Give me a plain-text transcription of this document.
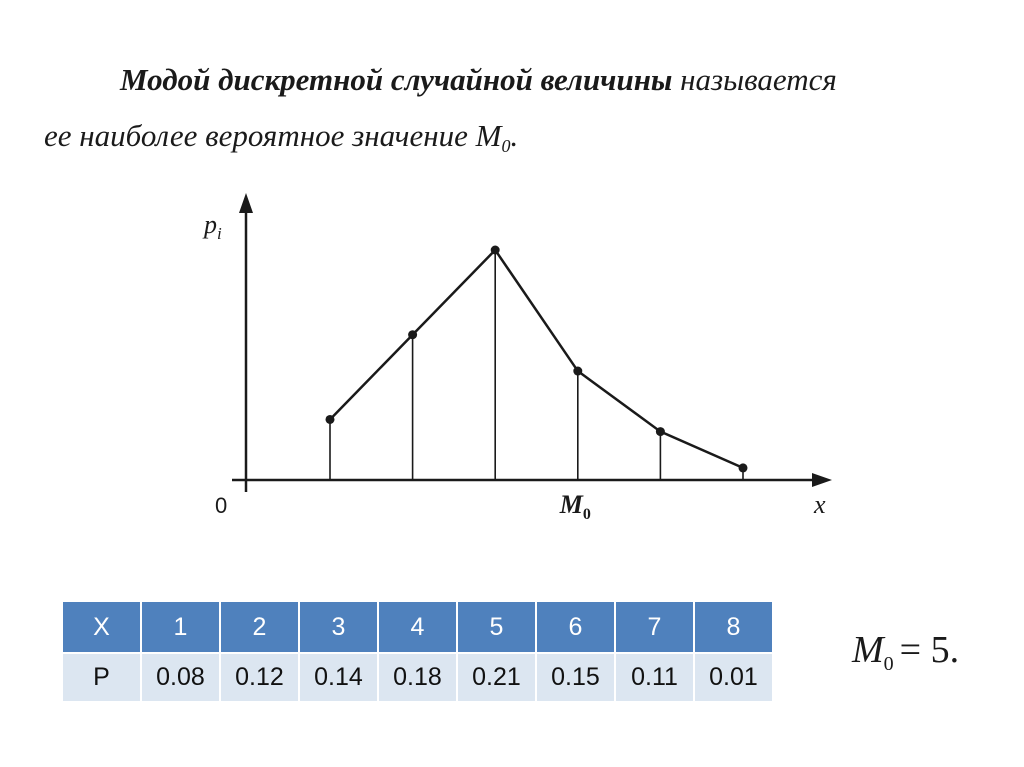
Модой дискретной случайной величины называется
ее наиболее вероятное значение $M_0$.
$p_i$
x
0	$M_0$
X	1	2	3	4	5	6	7	8
P	0.08	0.12	0.14	0.18	0.21	0.15	0.11	0.01
$M_0 = 5$.
